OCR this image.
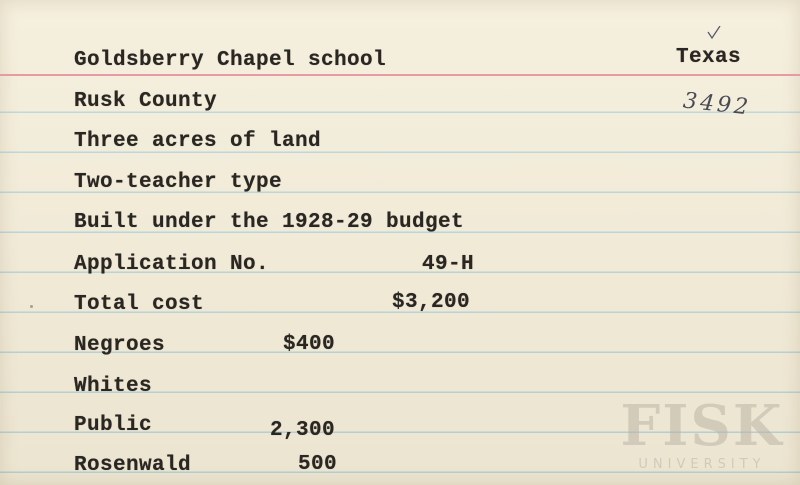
Goldsberry Chapel school	Texas
3492
Rusk County
Three acres of land
Two-teacher type
Built under the 1928-29 budget
Application No.	49-H
Total cost	$3,200
Negroes	$400
Whites
Public	2,300
Rosenwald	500
FISK
UNIVERSITY
